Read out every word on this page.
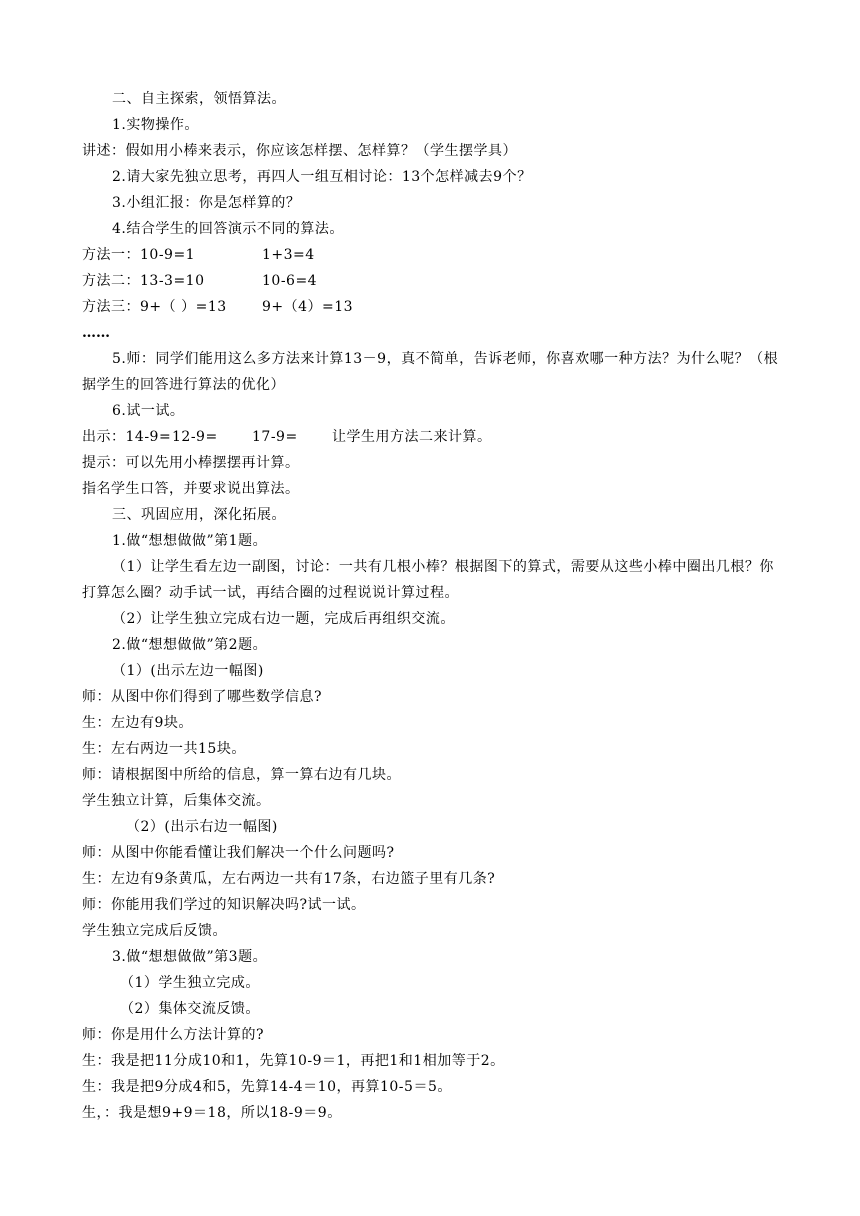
二、自主探索，领悟算法。
1.实物操作。
讲述：假如用小棒来表示，你应该怎样摆、怎样算？（学生摆学具）
2.请大家先独立思考，再四人一组互相讨论：13个怎样减去9个？
3.小组汇报：你是怎样算的？
4.结合学生的回答演示不同的算法。
方法一：10-9=1	1+3=4
方法二：13-3=10	10-6=4
方法三：9+（ ）=13	9+（4）=13
……
5.师：同学们能用这么多方法来计算13－9，真不简单，告诉老师，你喜欢哪一种方法？为什么呢？（根据学生的回答进行算法的优化）
6.试一试。
出示：14-9=12-9= 17-9= 让学生用方法二来计算。
提示：可以先用小棒摆摆再计算。
指名学生口答，并要求说出算法。
三、巩固应用，深化拓展。
1.做“想想做做”第1题。
（1）让学生看左边一副图，讨论：一共有几根小棒？根据图下的算式，需要从这些小棒中圈出几根？你打算怎么圈？动手试一试，再结合圈的过程说说计算过程。
（2）让学生独立完成右边一题，完成后再组织交流。
2.做“想想做做”第2题。
（1）(出示左边一幅图)
师：从图中你们得到了哪些数学信息?
生：左边有9块。
生：左右两边一共15块。
师：请根据图中所给的信息，算一算右边有几块。
学生独立计算，后集体交流。
（2）(出示右边一幅图)
师：从图中你能看懂让我们解决一个什么问题吗?
生：左边有9条黄瓜，左右两边一共有17条，右边篮子里有几条?
师：你能用我们学过的知识解决吗?试一试。
学生独立完成后反馈。
3.做“想想做做”第3题。
（1）学生独立完成。
（2）集体交流反馈。
师：你是用什么方法计算的?
生：我是把11分成10和1，先算10-9＝1，再把1和1相加等于2。
生：我是把9分成4和5，先算14-4＝10，再算10-5＝5。
生，：我是想9+9＝18，所以18-9＝9。
